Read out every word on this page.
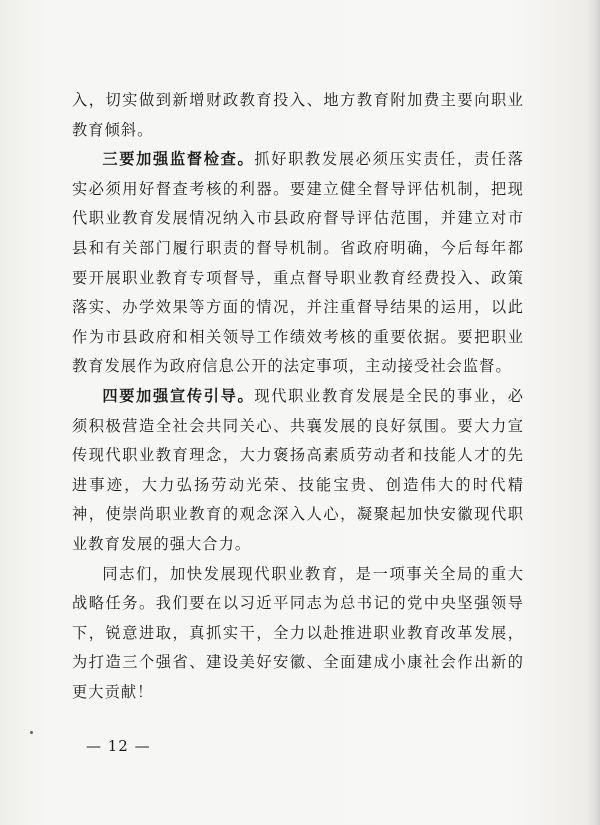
入，切实做到新增财政教育投入、地方教育附加费主要向职业教育倾斜。

三要加强监督检查。抓好职教发展必须压实责任，责任落实必须用好督查考核的利器。要建立健全督导评估机制，把现代职业教育发展情况纳入市县政府督导评估范围，并建立对市县和有关部门履行职责的督导机制。省政府明确，今后每年都要开展职业教育专项督导，重点督导职业教育经费投入、政策落实、办学效果等方面的情况，并注重督导结果的运用，以此作为市县政府和相关领导工作绩效考核的重要依据。要把职业教育发展作为政府信息公开的法定事项，主动接受社会监督。

四要加强宣传引导。现代职业教育发展是全民的事业，必须积极营造全社会共同关心、共襄发展的良好氛围。要大力宣传现代职业教育理念，大力褒扬高素质劳动者和技能人才的先进事迹，大力弘扬劳动光荣、技能宝贵、创造伟大的时代精神，使崇尚职业教育的观念深入人心，凝聚起加快安徽现代职业教育发展的强大合力。

同志们，加快发展现代职业教育，是一项事关全局的重大战略任务。我们要在以习近平同志为总书记的党中央坚强领导下，锐意进取，真抓实干，全力以赴推进职业教育改革发展，为打造三个强省、建设美好安徽、全面建成小康社会作出新的更大贡献！

— 12 —
